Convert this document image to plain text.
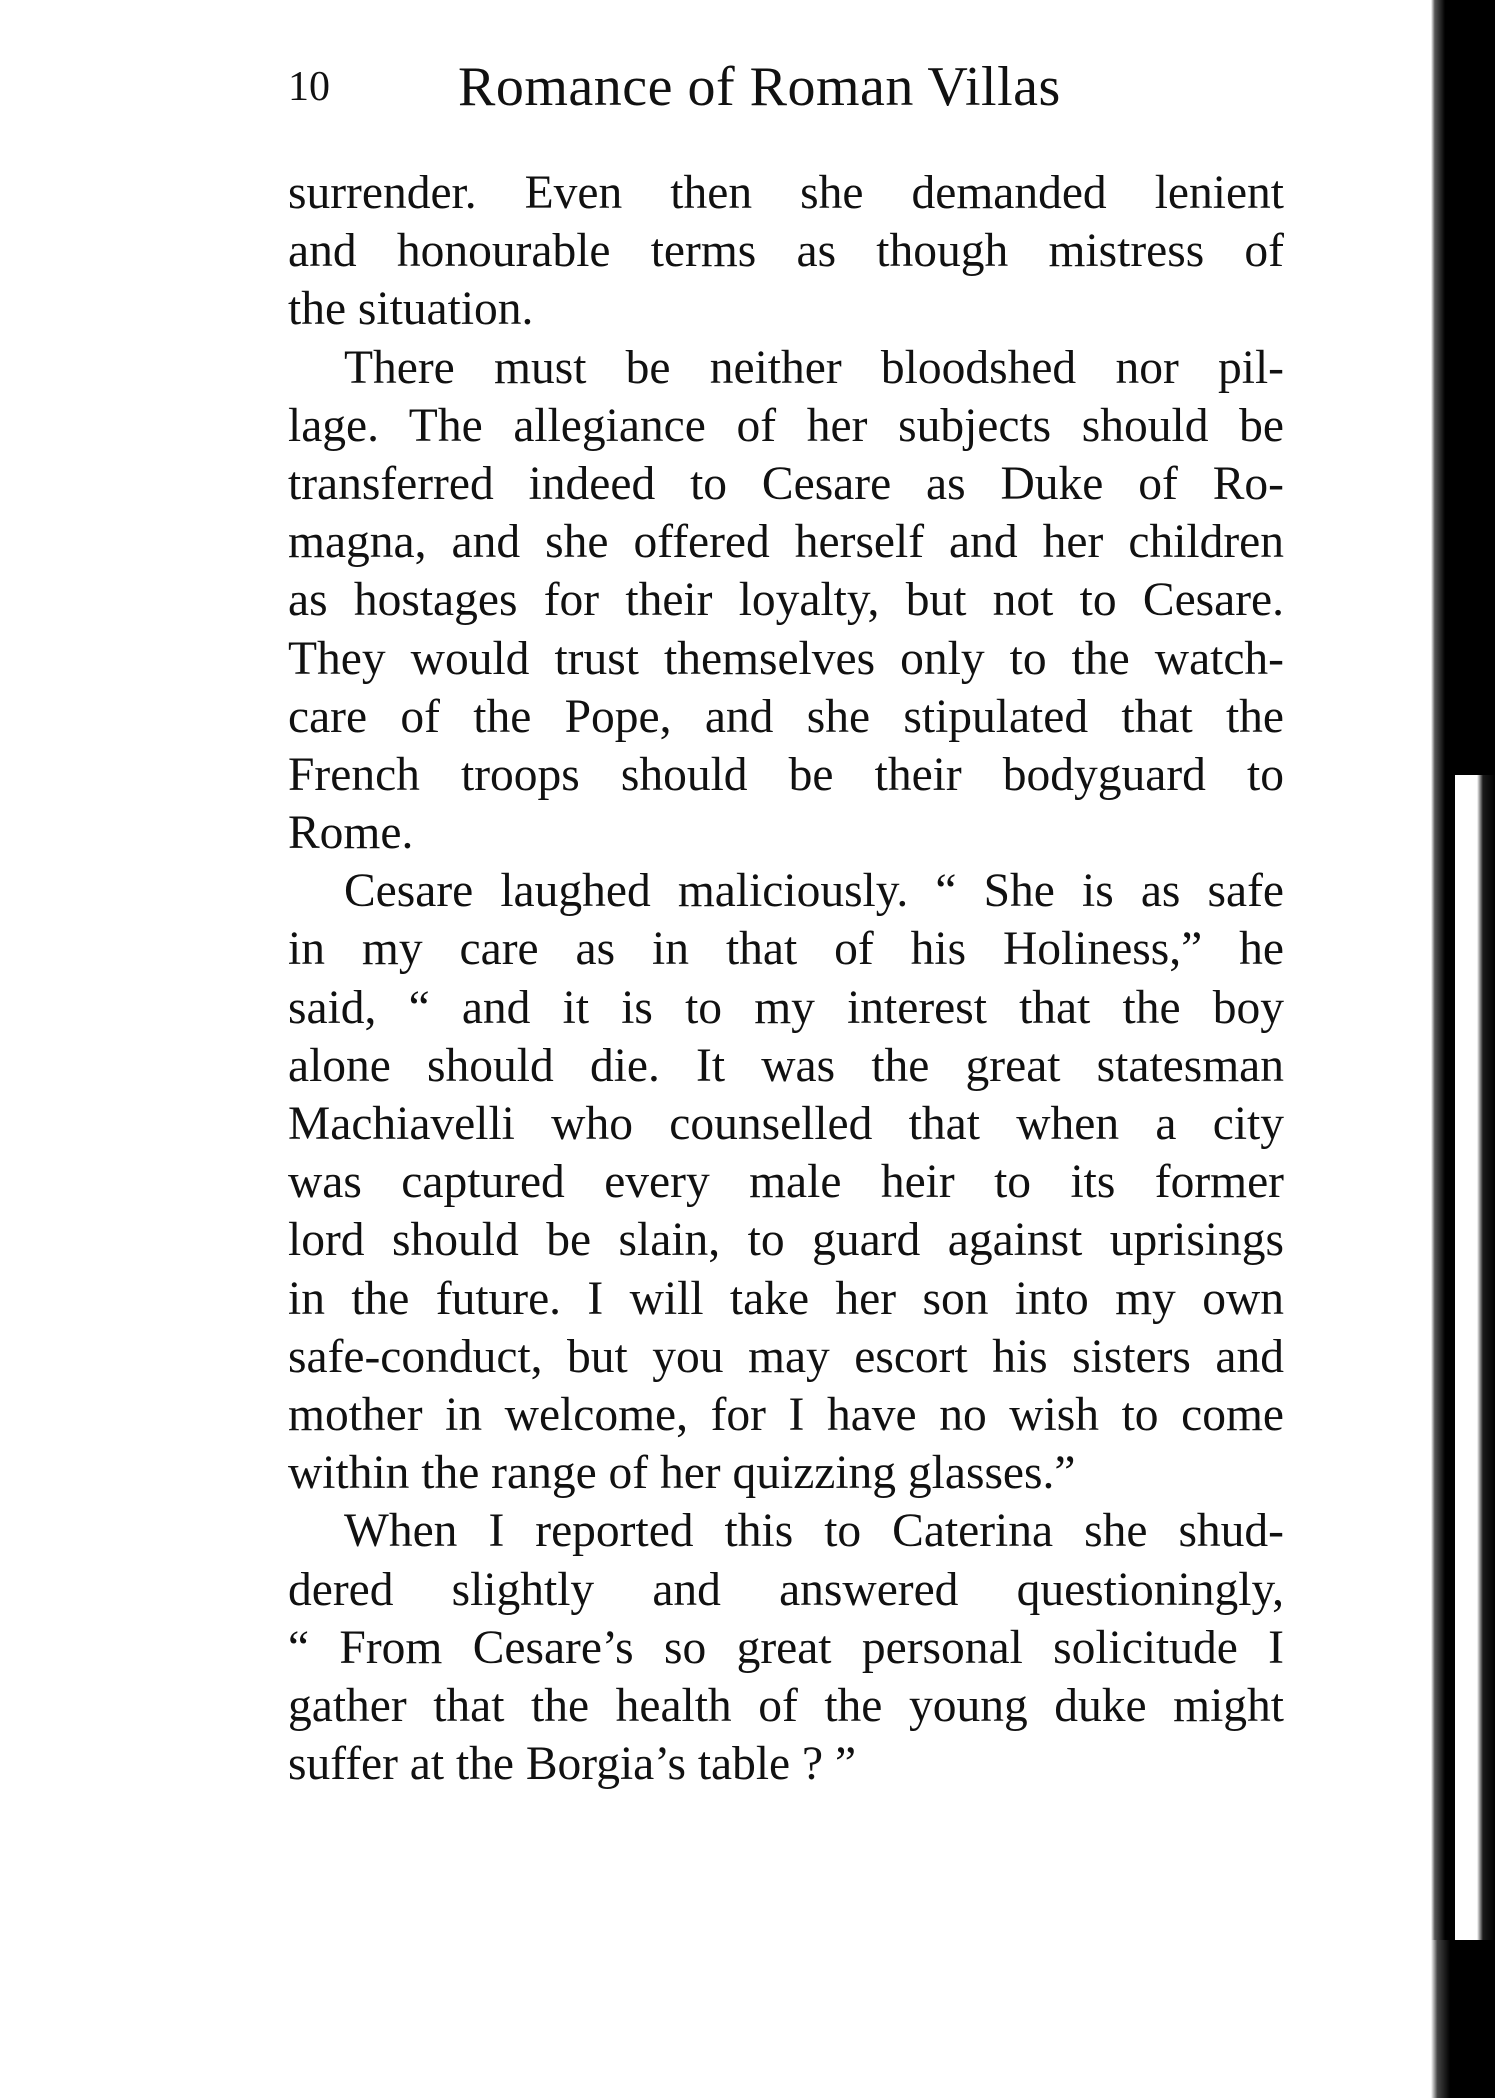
10 Romance of Roman Villas
surrender. Even then she demanded lenient
and honourable terms as though mistress of
the situation.
There must be neither bloodshed nor pil-
lage. The allegiance of her subjects should be
transferred indeed to Cesare as Duke of Ro-
magna, and she offered herself and her children
as hostages for their loyalty, but not to Cesare.
They would trust themselves only to the watch-
care of the Pope, and she stipulated that the
French troops should be their bodyguard to
Rome.
Cesare laughed maliciously. “ She is as safe
in my care as in that of his Holiness,” he
said, “ and it is to my interest that the boy
alone should die. It was the great statesman
Machiavelli who counselled that when a city
was captured every male heir to its former
lord should be slain, to guard against uprisings
in the future. I will take her son into my own
safe-conduct, but you may escort his sisters and
mother in welcome, for I have no wish to come
within the range of her quizzing glasses.”
When I reported this to Caterina she shud-
dered slightly and answered questioningly,
“ From Cesare’s so great personal solicitude I
gather that the health of the young duke might
suffer at the Borgia’s table ? ”
